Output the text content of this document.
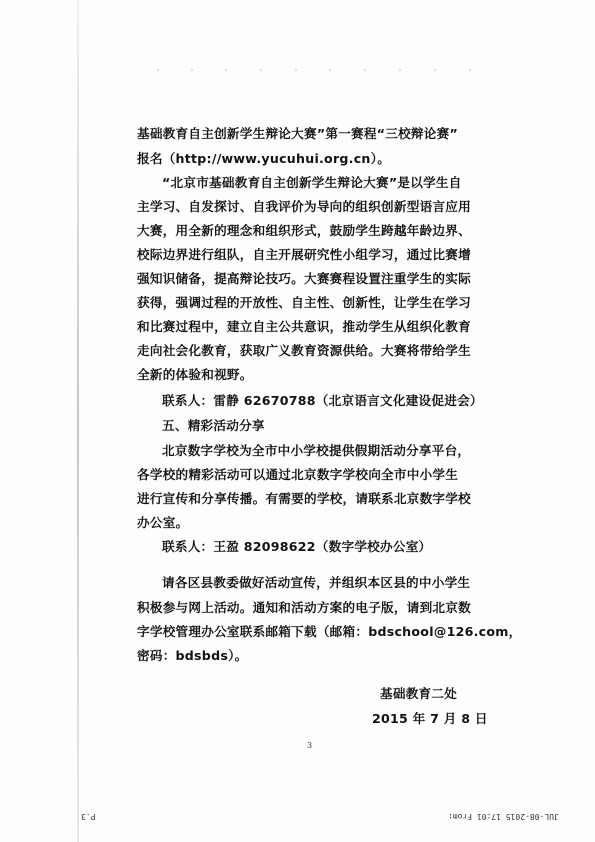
基础教育自主创新学生辩论大赛”第一赛程“三校辩论赛”
报名（http://www.yucuhui.org.cn）。
“北京市基础教育自主创新学生辩论大赛”是以学生自
主学习、自发探讨、自我评价为导向的组织创新型语言应用
大赛，用全新的理念和组织形式，鼓励学生跨越年龄边界、
校际边界进行组队，自主开展研究性小组学习，通过比赛增
强知识储备，提高辩论技巧。大赛赛程设置注重学生的实际
获得，强调过程的开放性、自主性、创新性，让学生在学习
和比赛过程中，建立自主公共意识，推动学生从组织化教育
走向社会化教育，获取广义教育资源供给。大赛将带给学生
全新的体验和视野。
联系人：雷静 62670788（北京语言文化建设促进会）
五、精彩活动分享
北京数字学校为全市中小学校提供假期活动分享平台，
各学校的精彩活动可以通过北京数字学校向全市中小学生
进行宣传和分享传播。有需要的学校，请联系北京数字学校
办公室。
联系人：王盈 82098622（数字学校办公室）
请各区县教委做好活动宣传，并组织本区县的中小学生
积极参与网上活动。通知和活动方案的电子版，请到北京数
字学校管理办公室联系邮箱下载（邮箱：bdschool@126.com，
密码：bdsbds）。
基础教育二处
2015 年 7 月 8 日
3
P.3	JUL-08-2015 17:01 From:
